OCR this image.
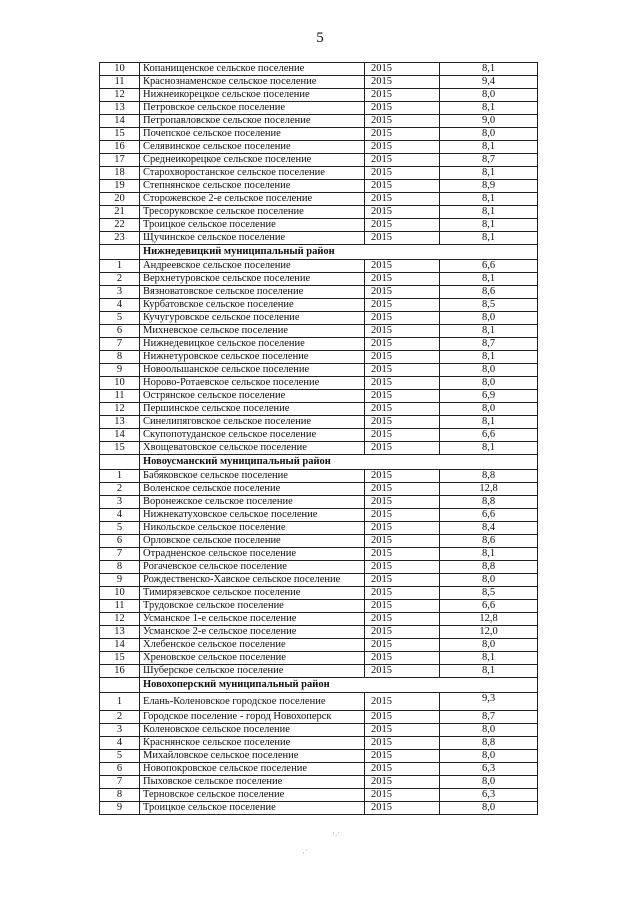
5
10	Копанищенское сельское поселение	2015	8,1
11	Краснознаменское сельское поселение	2015	9,4
12	Нижнеикорецкое сельское поселение	2015	8,0
13	Петровское сельское поселение	2015	8,1
14	Петропавловское сельское поселение	2015	9,0
15	Почепское сельское поселение	2015	8,0
16	Селявинское сельское поселение	2015	8,1
17	Среднеикорецкое сельское поселение	2015	8,7
18	Старохворостанское сельское поселение	2015	8,1
19	Степнянское сельское поселение	2015	8,9
20	Сторожевское 2-е сельское поселение	2015	8,1
21	Тресоруковское сельское поселение	2015	8,1
22	Троицкое сельское поселение	2015	8,1
23	Щучинское сельское поселение	2015	8,1
	Нижнедевицкий муниципальный район		
1	Андреевское сельское поселение	2015	6,6
2	Верхнетуровское сельское поселение	2015	8,1
3	Вязноватовское сельское поселение	2015	8,6
4	Курбатовское сельское поселение	2015	8,5
5	Кучугуровское сельское поселение	2015	8,0
6	Михневское сельское поселение	2015	8,1
7	Нижнедевицкое сельское поселение	2015	8,7
8	Нижнетуровское сельское поселение	2015	8,1
9	Новоольшанское сельское поселение	2015	8,0
10	Норово-Ротаевское сельское поселение	2015	8,0
11	Острянское сельское поселение	2015	6,9
12	Першинское сельское поселение	2015	8,0
13	Синелипяговское сельское поселение	2015	8,1
14	Скупопотуданское сельское поселение	2015	6,6
15	Хвощеватовское сельское поселение	2015	8,1
	Новоусманский муниципальный район		
1	Бабяковское сельское поселение	2015	8,8
2	Воленское сельское поселение	2015	12,8
3	Воронежское сельское поселение	2015	8,8
4	Нижнекатуховское сельское поселение	2015	6,6
5	Никольское сельское поселение	2015	8,4
6	Орловское сельское поселение	2015	8,6
7	Отрадненское сельское поселение	2015	8,1
8	Рогачевское сельское поселение	2015	8,8
9	Рождественско-Хавское сельское поселение	2015	8,0
10	Тимирязевское сельское поселение	2015	8,5
11	Трудовское сельское поселение	2015	6,6
12	Усманское 1-е сельское поселение	2015	12,8
13	Усманское 2-е сельское поселение	2015	12,0
14	Хлебенское сельское поселение	2015	8,0
15	Хреновское сельское поселение	2015	8,1
16	Шуберское сельское поселение	2015	8,1
	Новохоперский муниципальный район		
1	Елань-Коленовское городское поселение	2015	9,3
2	Городское поселение - город Новохоперск	2015	8,7
3	Коленовское сельское поселение	2015	8,0
4	Краснянское сельское поселение	2015	8,8
5	Михайловское сельское поселение	2015	8,0
6	Новопокровское сельское поселение	2015	6,3
7	Пыховское сельское поселение	2015	8,0
8	Терновское сельское поселение	2015	6,3
9	Троицкое сельское поселение	2015	8,0
·.·
·˙
